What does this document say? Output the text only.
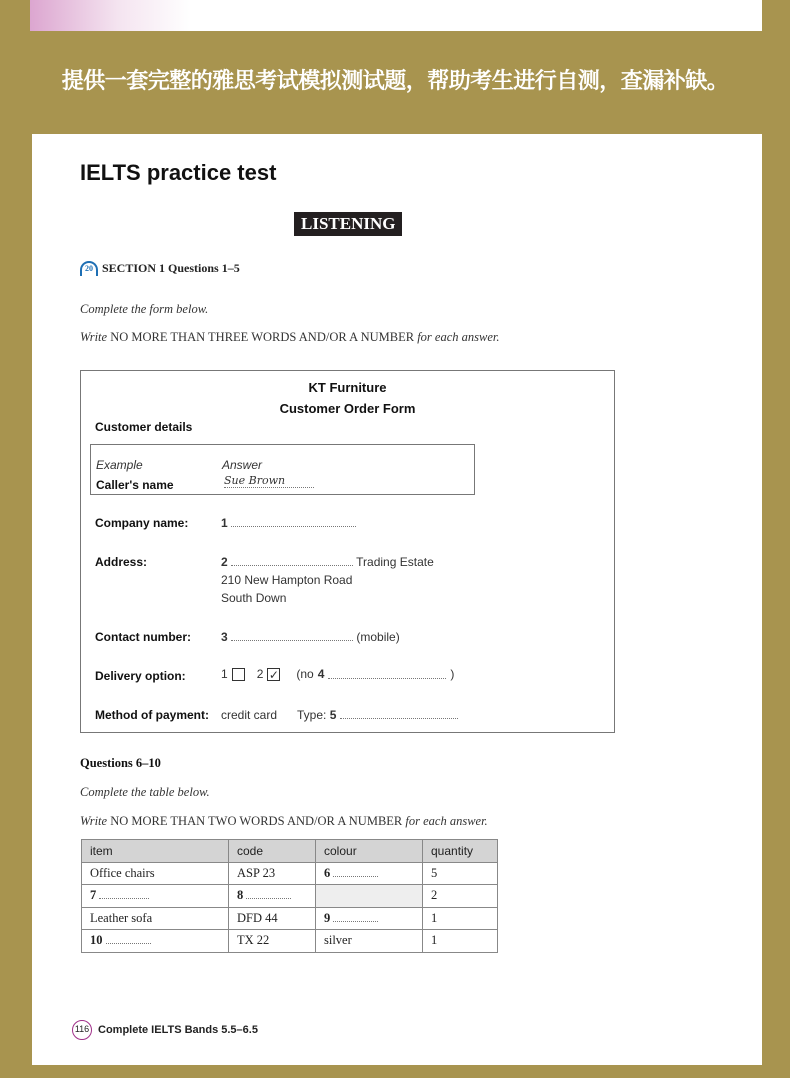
提供一套完整的雅思考试模拟测试题，帮助考生进行自测，查漏补缺。
IELTS practice test
LISTENING
20 SECTION 1 Questions 1–5
Complete the form below.
Write NO MORE THAN THREE WORDS AND/OR A NUMBER for each answer.
KT Furniture
Customer Order Form
Customer details
Example	Answer
Caller's name	Sue Brown
Company name:	1
Address:	2	Trading Estate
210 New Hampton Road
South Down
Contact number:	3	(mobile)
Delivery option:	1 2 ✓ (no 4	)
Method of payment: credit card Type: 5
Questions 6–10
Complete the table below.
Write NO MORE THAN TWO WORDS AND/OR A NUMBER for each answer.
item	code	colour	quantity
Office chairs	ASP 23	6	5
7	8		2
Leather sofa	DFD 44	9	1
10	TX 22	silver	1
116 Complete IELTS Bands 5.5–6.5
